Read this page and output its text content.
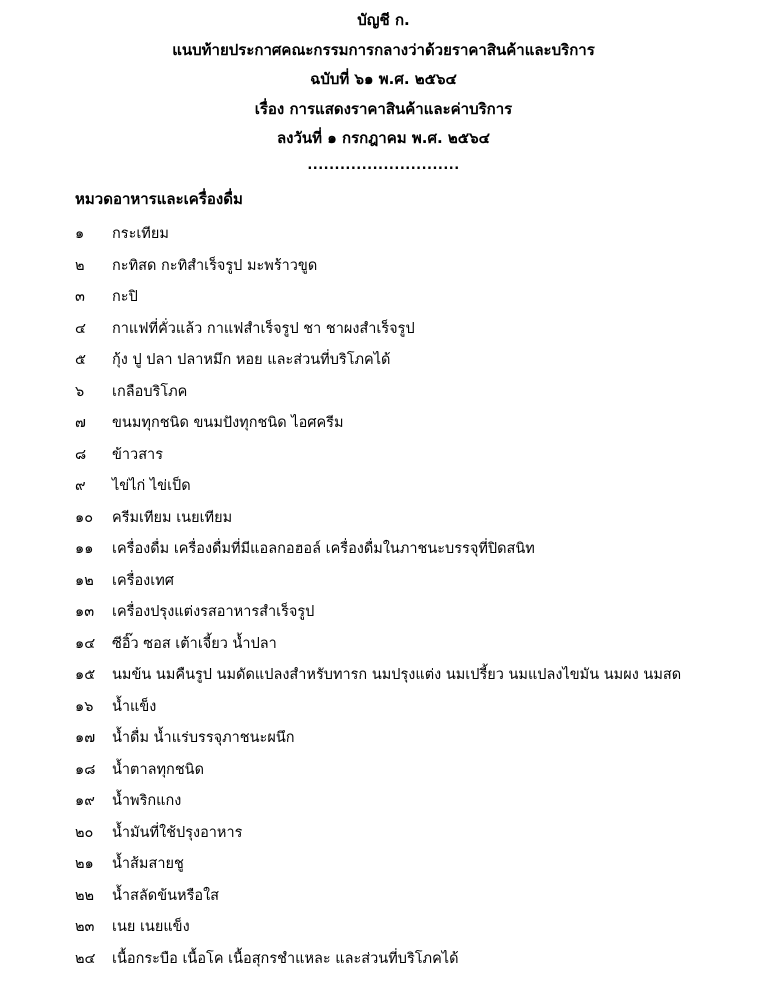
บัญชี ก.
แนบท้ายประกาศคณะกรรมการกลางว่าด้วยราคาสินค้าและบริการ
ฉบับที่ ๖๑ พ.ศ. ๒๕๖๔
เรื่อง การแสดงราคาสินค้าและค่าบริการ
ลงวันที่ ๑ กรกฎาคม พ.ศ. ๒๕๖๔
............................
หมวดอาหารและเครื่องดื่ม
๑ กระเทียม
๒ กะทิสด กะทิสำเร็จรูป มะพร้าวขูด
๓ กะปิ
๔ กาแฟที่คั่วแล้ว กาแฟสำเร็จรูป ชา ชาผงสำเร็จรูป
๕ กุ้ง ปู ปลา ปลาหมึก หอย และส่วนที่บริโภคได้
๖ เกลือบริโภค
๗ ขนมทุกชนิด ขนมปังทุกชนิด ไอศครีม
๘ ข้าวสาร
๙ ไข่ไก่ ไข่เป็ด
๑๐ ครีมเทียม เนยเทียม
๑๑ เครื่องดื่ม เครื่องดื่มที่มีแอลกอฮอล์ เครื่องดื่มในภาชนะบรรจุที่ปิดสนิท
๑๒ เครื่องเทศ
๑๓ เครื่องปรุงแต่งรสอาหารสำเร็จรูป
๑๔ ซีอิ๊ว ซอส เต้าเจี้ยว น้ำปลา
๑๕ นมข้น นมคืนรูป นมดัดแปลงสำหรับทารก นมปรุงแต่ง นมเปรี้ยว นมแปลงไขมัน นมผง นมสด
๑๖ น้ำแข็ง
๑๗ น้ำดื่ม น้ำแร่บรรจุภาชนะผนึก
๑๘ น้ำตาลทุกชนิด
๑๙ น้ำพริกแกง
๒๐ น้ำมันที่ใช้ปรุงอาหาร
๒๑ น้ำส้มสายชู
๒๒ น้ำสลัดข้นหรือใส
๒๓ เนย เนยแข็ง
๒๔ เนื้อกระบือ เนื้อโค เนื้อสุกรชำแหละ และส่วนที่บริโภคได้
